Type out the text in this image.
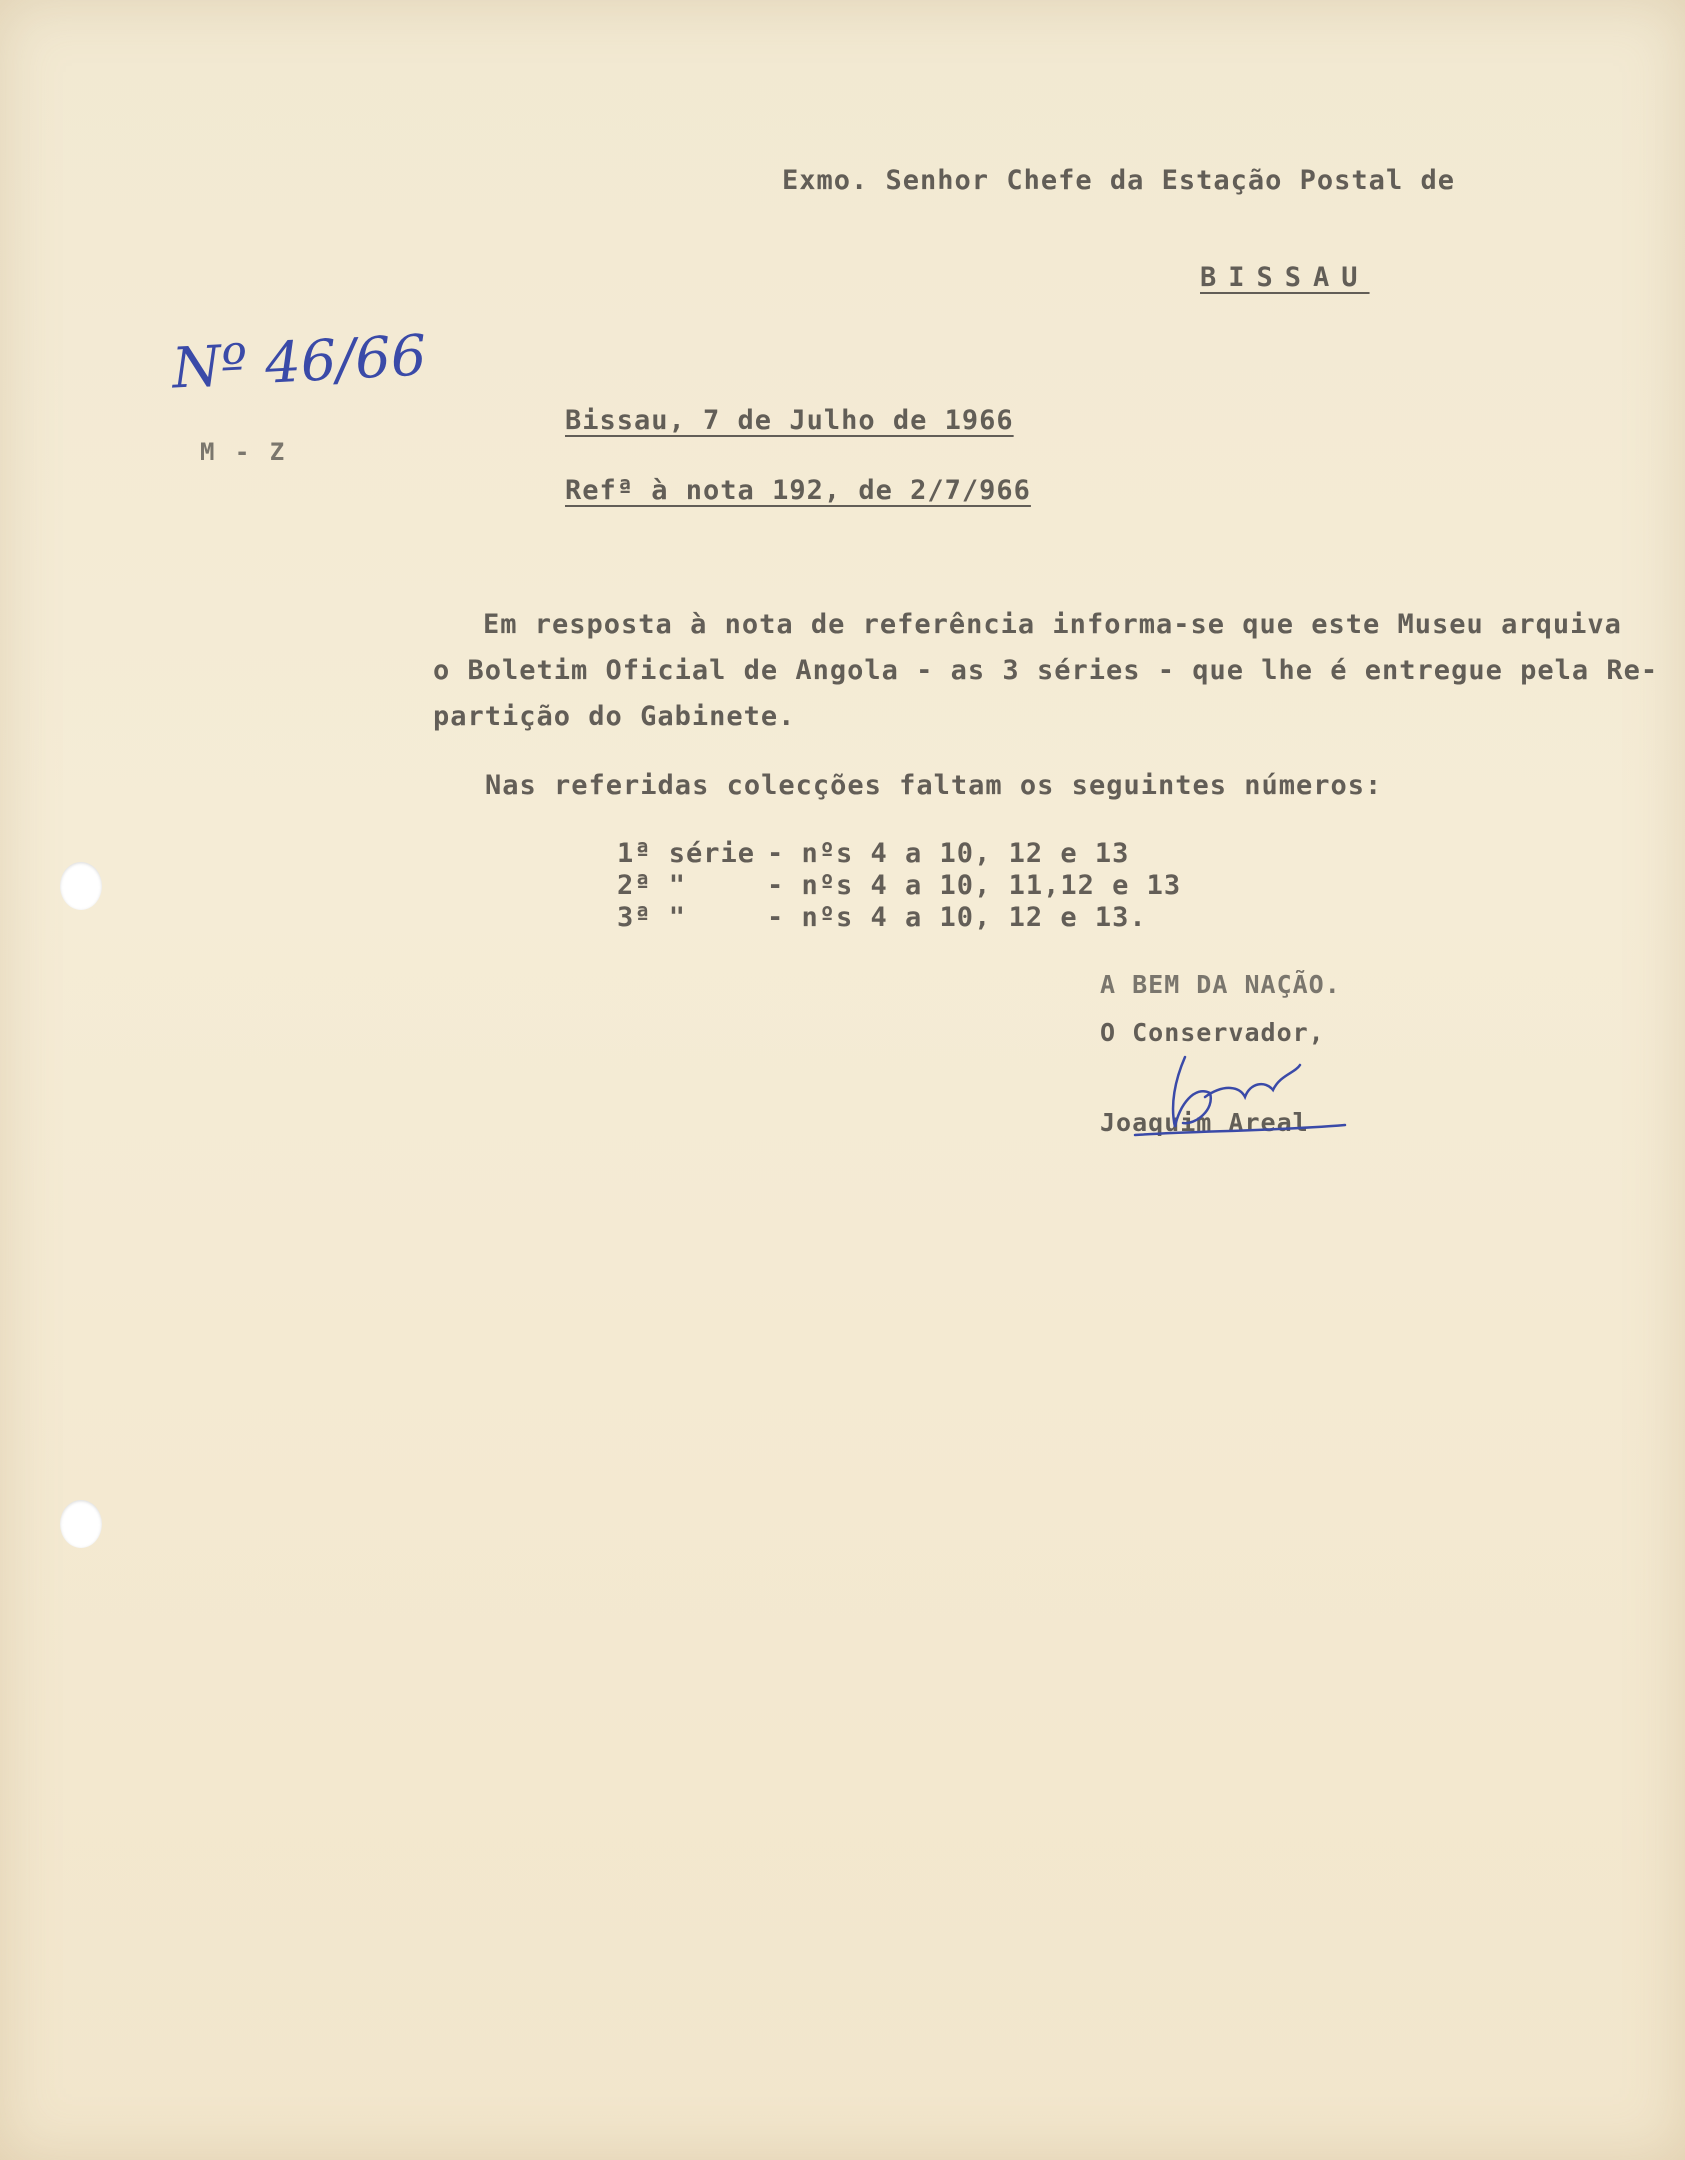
Exmo. Senhor Chefe da Estação Postal de
BISSAU
Nº 46/66
M - Z
Bissau, 7 de Julho de 1966
Refª à nota 192, de 2/7/966
Em resposta à nota de referência informa-se que este Museu arquiva
o Boletim Oficial de Angola - as 3 séries - que lhe é entregue pela Re-
partição do Gabinete.
Nas referidas colecções faltam os seguintes números:
1ª série - nºs 4 a 10, 12 e 13
2ª "	- nºs 4 a 10, 11,12 e 13
3ª "	- nºs 4 a 10, 12 e 13.
A BEM DA NAÇÃO.
O Conservador,
Joaquim Areal
